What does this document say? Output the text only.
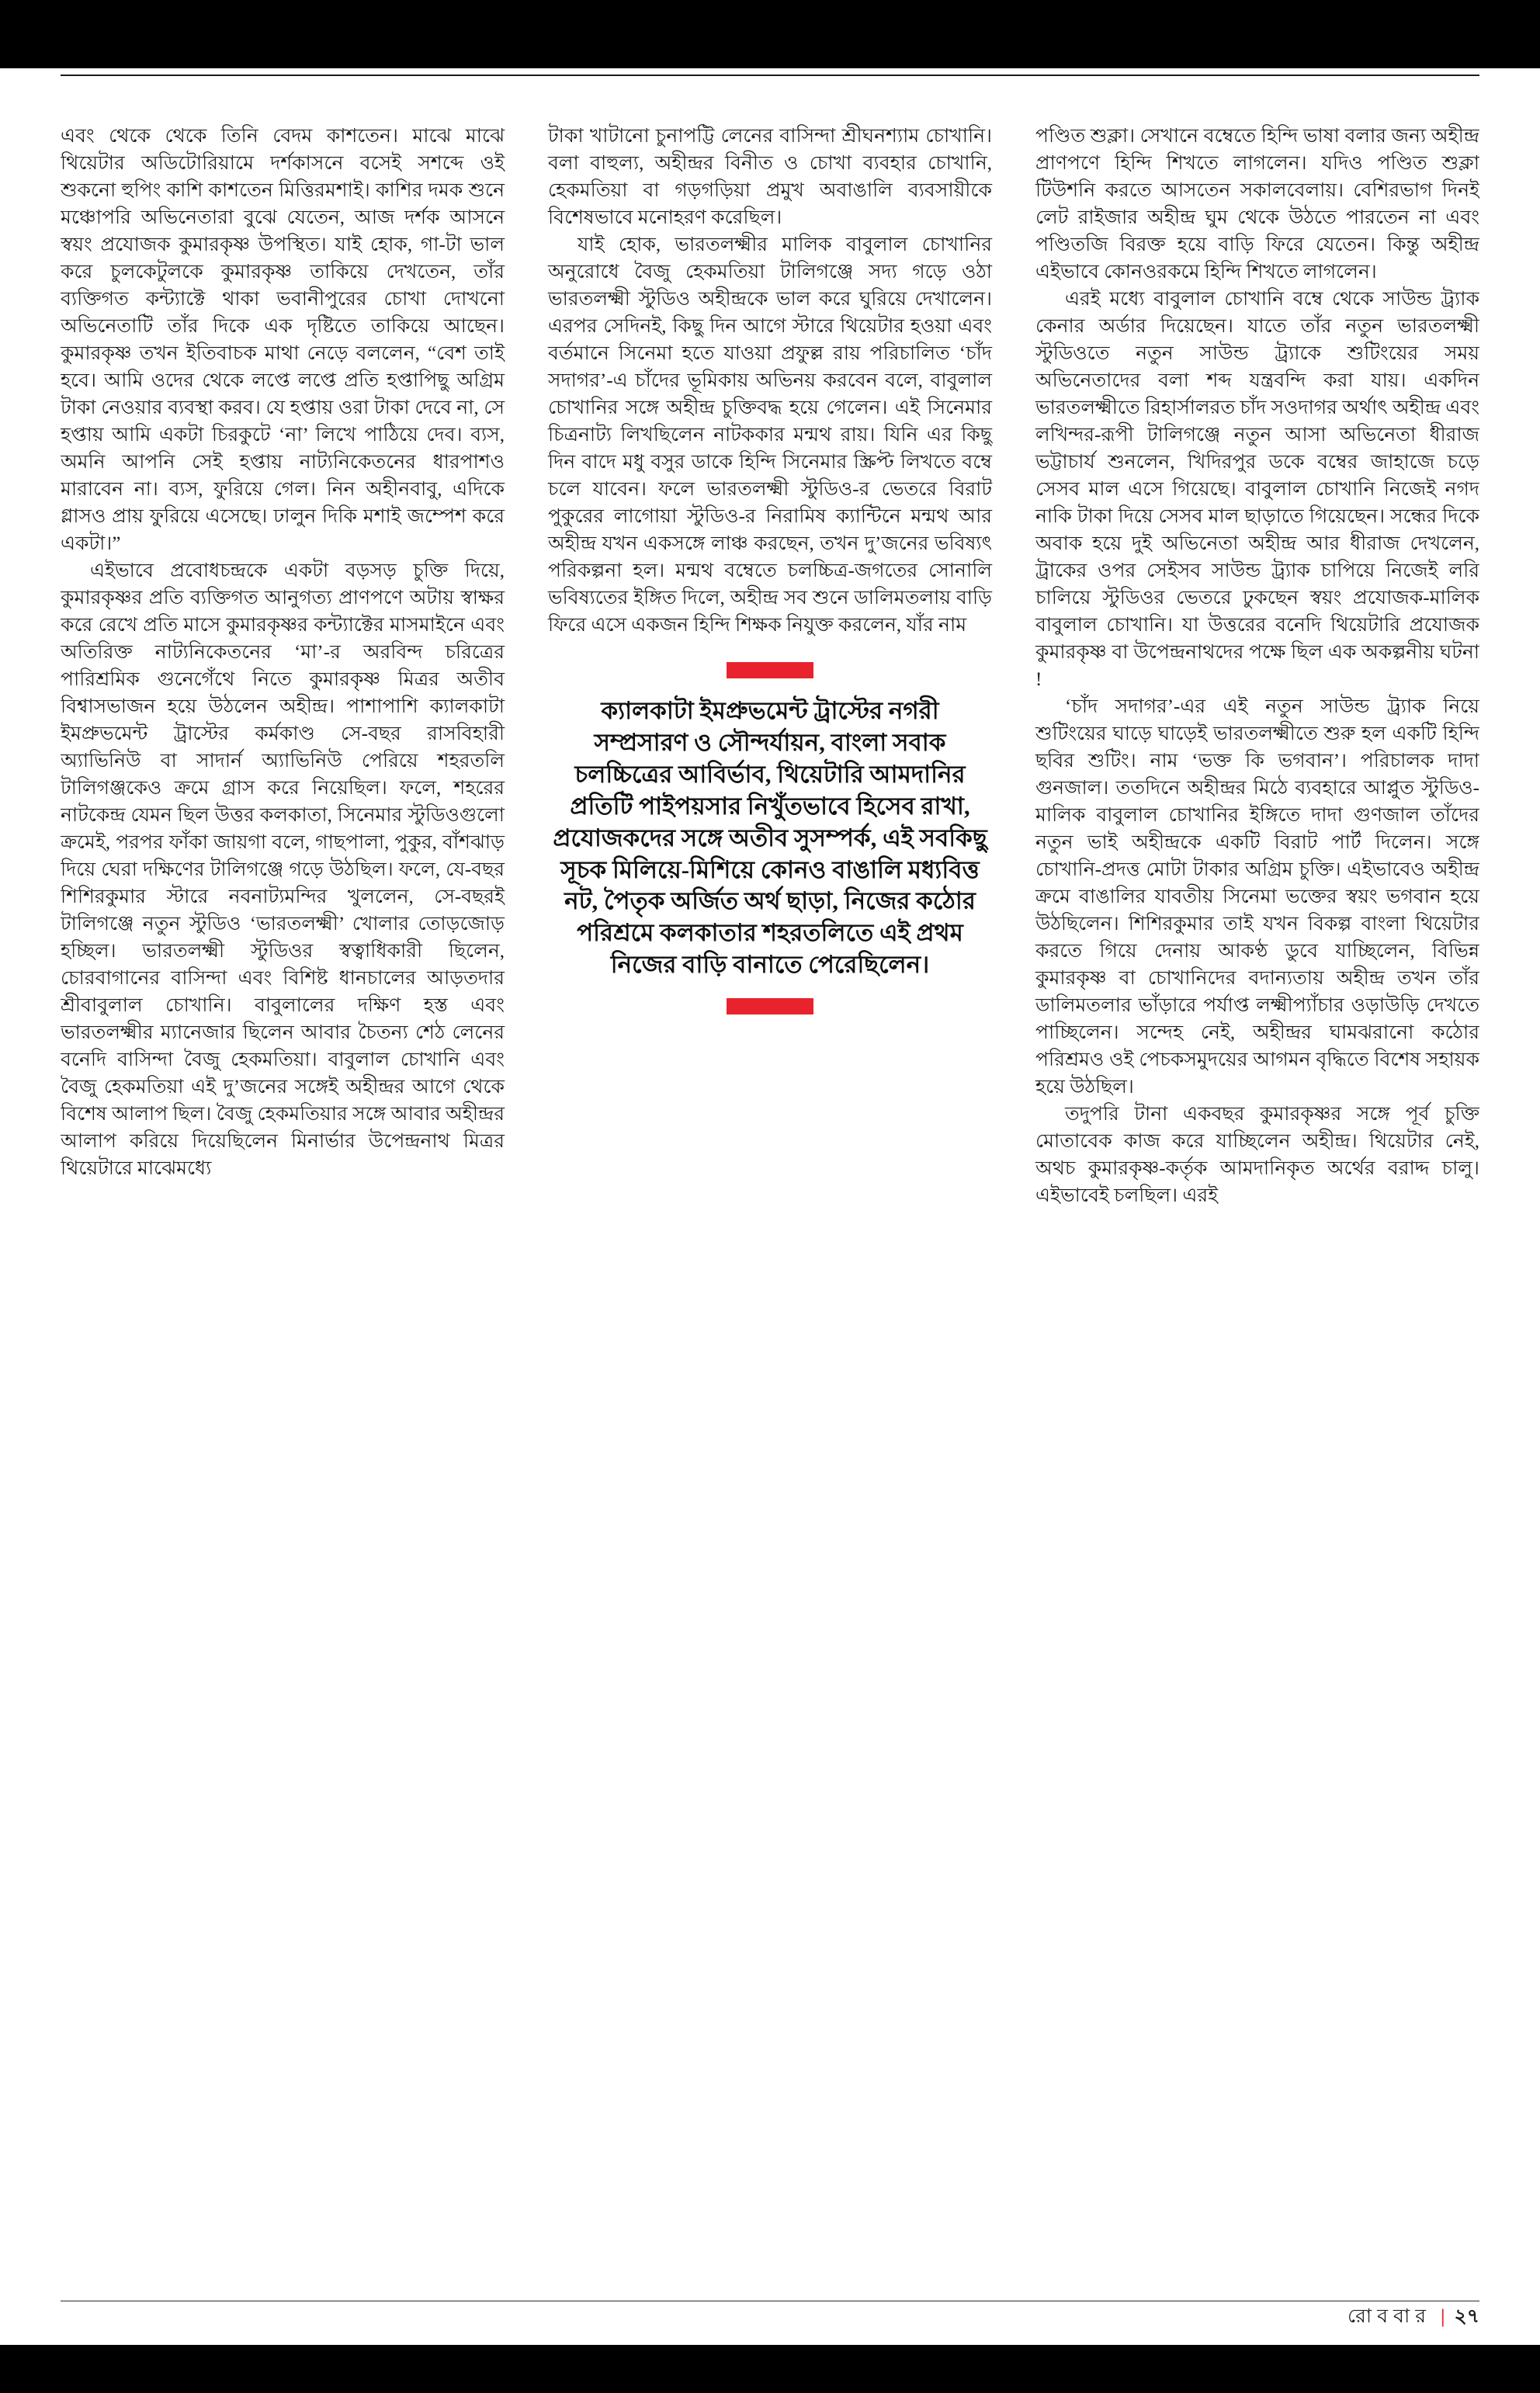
এবং থেকে থেকে তিনি বেদম কাশতেন। মাঝে মাঝে থিয়েটার অডিটোরিয়ামে দর্শকাসনে বসেই সশব্দে ওই শুকনো হুপিং কাশি কাশতেন মিত্তিরমশাই। কাশির দমক শুনে মঞ্চোপরি অভিনেতারা বুঝে যেতেন, আজ দর্শক আসনে স্বয়ং প্রযোজক কুমারকৃষ্ণ উপস্থিত। যাই হোক, গা-টা ভাল করে চুলকেটুলকে কুমারকৃষ্ণ তাকিয়ে দেখতেন, তাঁর ব্যক্তিগত কন্ট্যাক্টে থাকা ভবানীপুরের চোখা দোখনো অভিনেতাটি তাঁর দিকে এক দৃষ্টিতে তাকিয়ে আছেন। কুমারকৃষ্ণ তখন ইতিবাচক মাথা নেড়ে বললেন, “বেশ তাই হবে। আমি ওদের থেকে লপ্তে লপ্তে প্রতি হপ্তাপিছু অগ্রিম টাকা নেওয়ার ব্যবস্থা করব। যে হপ্তায় ওরা টাকা দেবে না, সে হপ্তায় আমি একটা চিরকুটে ‘না’ লিখে পাঠিয়ে দেব। ব্যস, অমনি আপনি সেই হপ্তায় নাট্যনিকেতনের ধারপাশও মারাবেন না। ব্যস, ফুরিয়ে গেল। নিন অহীনবাবু, এদিকে গ্লাসও প্রায় ফুরিয়ে এসেছে। ঢালুন দিকি মশাই জম্পেশ করে একটা।”

এইভাবে প্রবোধচন্দ্রকে একটা বড়সড় চুক্তি দিয়ে, কুমারকৃষ্ণর প্রতি ব্যক্তিগত আনুগত্য প্রাণপণে অটায় স্বাক্ষর করে রেখে প্রতি মাসে কুমারকৃষ্ণর কন্ট্যাক্টের মাসমাইনে এবং অতিরিক্ত নাট্যনিকেতনের ‘মা’-র অরবিন্দ চরিত্রের পারিশ্রমিক গুনেগেঁথে নিতে কুমারকৃষ্ণ মিত্রর অতীব বিশ্বাসভাজন হয়ে উঠলেন অহীন্দ্র। পাশাপাশি ক্যালকাটা ইমপ্রুভমেন্ট ট্রাস্টের কর্মকাণ্ড সে-বছর রাসবিহারী অ্যাভিনিউ বা সাদার্ন অ্যাভিনিউ পেরিয়ে শহরতলি টালিগঞ্জকেও ক্রমে গ্রাস করে নিয়েছিল। ফলে, শহরের নাটকেন্দ্র যেমন ছিল উত্তর কলকাতা, সিনেমার স্টুডিওগুলো ক্রমেই, পরপর ফাঁকা জায়গা বলে, গাছপালা, পুকুর, বাঁশঝাড় দিয়ে ঘেরা দক্ষিণের টালিগঞ্জে গড়ে উঠছিল। ফলে, যে-বছর শিশিরকুমার স্টারে নবনাট্যমন্দির খুললেন, সে-বছরই টালিগঞ্জে নতুন স্টুডিও ‘ভারতলক্ষ্মী’ খোলার তোড়জোড় হচ্ছিল। ভারতলক্ষ্মী স্টুডিওর স্বত্বাধিকারী ছিলেন, চোরবাগানের বাসিন্দা এবং বিশিষ্ট ধানচালের আড়তদার শ্রীবাবুলাল চোখানি। বাবুলালের দক্ষিণ হস্ত এবং ভারতলক্ষ্মীর ম্যানেজার ছিলেন আবার চৈতন্য শেঠ লেনের বনেদি বাসিন্দা বৈজু হেকমতিয়া। বাবুলাল চোখানি এবং বৈজু হেকমতিয়া এই দু’জনের সঙ্গেই অহীন্দ্রর আগে থেকে বিশেষ আলাপ ছিল। বৈজু হেকমতিয়ার সঙ্গে আবার অহীন্দ্রর আলাপ করিয়ে দিয়েছিলেন মিনার্ভার উপেন্দ্রনাথ মিত্রর থিয়েটারে মাঝেমধ্যে

টাকা খাটানো চুনাপট্টি লেনের বাসিন্দা শ্রীঘনশ্যাম চোখানি। বলা বাহুল্য, অহীন্দ্রর বিনীত ও চোখা ব্যবহার চোখানি, হেকমতিয়া বা গড়গড়িয়া প্রমুখ অবাঙালি ব্যবসায়ীকে বিশেষভাবে মনোহরণ করেছিল।

যাই হোক, ভারতলক্ষ্মীর মালিক বাবুলাল চোখানির অনুরোধে বৈজু হেকমতিয়া টালিগঞ্জে সদ্য গড়ে ওঠা ভারতলক্ষ্মী স্টুডিও অহীন্দ্রকে ভাল করে ঘুরিয়ে দেখালেন। এরপর সেদিনই, কিছু দিন আগে স্টারে থিয়েটার হওয়া এবং বর্তমানে সিনেমা হতে যাওয়া প্রফুল্ল রায় পরিচালিত ‘চাঁদ সদাগর’-এ চাঁদের ভূমিকায় অভিনয় করবেন বলে, বাবুলাল চোখানির সঙ্গে অহীন্দ্র চুক্তিবদ্ধ হয়ে গেলেন। এই সিনেমার চিত্রনাট্য লিখছিলেন নাটককার মন্মথ রায়। যিনি এর কিছু দিন বাদে মধু বসুর ডাকে হিন্দি সিনেমার স্ক্রিপ্ট লিখতে বম্বে চলে যাবেন। ফলে ভারতলক্ষ্মী স্টুডিও-র ভেতরে বিরাট পুকুরের লাগোয়া স্টুডিও-র নিরামিষ ক্যান্টিনে মন্মথ আর অহীন্দ্র যখন একসঙ্গে লাঞ্চ করছেন, তখন দু’জনের ভবিষ্যৎ পরিকল্পনা হল। মন্মথ বম্বেতে চলচ্চিত্র-জগতের সোনালি ভবিষ্যতের ইঙ্গিত দিলে, অহীন্দ্র সব শুনে ডালিমতলায় বাড়ি ফিরে এসে একজন হিন্দি শিক্ষক নিযুক্ত করলেন, যাঁর নাম

ক্যালকাটা ইমপ্রুভমেন্ট ট্রাস্টের নগরী সম্প্রসারণ ও সৌন্দর্যায়ন, বাংলা সবাক চলচ্চিত্রের আবির্ভাব, থিয়েটারি আমদানির প্রতিটি পাইপয়সার নিখুঁতভাবে হিসেব রাখা, প্রযোজকদের সঙ্গে অতীব সুসম্পর্ক, এই সবকিছু সূচক মিলিয়ে-মিশিয়ে কোনও বাঙালি মধ্যবিত্ত নট, পৈতৃক অর্জিত অর্থ ছাড়া, নিজের কঠোর পরিশ্রমে কলকাতার শহরতলিতে এই প্রথম নিজের বাড়ি বানাতে পেরেছিলেন।

পণ্ডিত শুক্লা। সেখানে বম্বেতে হিন্দি ভাষা বলার জন্য অহীন্দ্র প্রাণপণে হিন্দি শিখতে লাগলেন। যদিও পণ্ডিত শুক্লা টিউশনি করতে আসতেন সকালবেলায়। বেশিরভাগ দিনই লেট রাইজার অহীন্দ্র ঘুম থেকে উঠতে পারতেন না এবং পণ্ডিতজি বিরক্ত হয়ে বাড়ি ফিরে যেতেন। কিন্তু অহীন্দ্র এইভাবে কোনওরকমে হিন্দি শিখতে লাগলেন।

এরই মধ্যে বাবুলাল চোখানি বম্বে থেকে সাউন্ড ট্র্যাক কেনার অর্ডার দিয়েছেন। যাতে তাঁর নতুন ভারতলক্ষ্মী স্টুডিওতে নতুন সাউন্ড ট্র্যাকে শুটিংয়ের সময় অভিনেতাদের বলা শব্দ যন্ত্রবন্দি করা যায়। একদিন ভারতলক্ষ্মীতে রিহার্সালরত চাঁদ সওদাগর অর্থাৎ অহীন্দ্র এবং লখিন্দর-রূপী টালিগঞ্জে নতুন আসা অভিনেতা ধীরাজ ভট্টাচার্য শুনলেন, খিদিরপুর ডকে বম্বের জাহাজে চড়ে সেসব মাল এসে গিয়েছে। বাবুলাল চোখানি নিজেই নগদ নাকি টাকা দিয়ে সেসব মাল ছাড়াতে গিয়েছেন। সন্ধের দিকে অবাক হয়ে দুই অভিনেতা অহীন্দ্র আর ধীরাজ দেখলেন, ট্রাকের ওপর সেইসব সাউন্ড ট্র্যাক চাপিয়ে নিজেই লরি চালিয়ে স্টুডিওর ভেতরে ঢুকছেন স্বয়ং প্রযোজক-মালিক বাবুলাল চোখানি। যা উত্তরের বনেদি থিয়েটারি প্রযোজক কুমারকৃষ্ণ বা উপেন্দ্রনাথদের পক্ষে ছিল এক অকল্পনীয় ঘটনা !

‘চাঁদ সদাগর’-এর এই নতুন সাউন্ড ট্র্যাক নিয়ে শুটিংয়ের ঘাড়ে ঘাড়েই ভারতলক্ষ্মীতে শুরু হল একটি হিন্দি ছবির শুটিং। নাম ‘ভক্ত কি ভগবান’। পরিচালক দাদা গুনজাল। ততদিনে অহীন্দ্রর মিঠে ব্যবহারে আপ্লুত স্টুডিও-মালিক বাবুলাল চোখানির ইঙ্গিতে দাদা গুণজাল তাঁদের নতুন ভাই অহীন্দ্রকে একটি বিরাট পার্ট দিলেন। সঙ্গে চোখানি-প্রদত্ত মোটা টাকার অগ্রিম চুক্তি। এইভাবেও অহীন্দ্র ক্রমে বাঙালির যাবতীয় সিনেমা ভক্তের স্বয়ং ভগবান হয়ে উঠছিলেন। শিশিরকুমার তাই যখন বিকল্প বাংলা থিয়েটার করতে গিয়ে দেনায় আকণ্ঠ ডুবে যাচ্ছিলেন, বিভিন্ন কুমারকৃষ্ণ বা চোখানিদের বদান্যতায় অহীন্দ্র তখন তাঁর ডালিমতলার ভাঁড়ারে পর্যাপ্ত লক্ষ্মীপ্যাঁচার ওড়াউড়ি দেখতে পাচ্ছিলেন। সন্দেহ নেই, অহীন্দ্রর ঘামঝরানো কঠোর পরিশ্রমও ওই পেচকসমুদয়ের আগমন বৃদ্ধিতে বিশেষ সহায়ক হয়ে উঠছিল।

তদুপরি টানা একবছর কুমারকৃষ্ণর সঙ্গে পূর্ব চুক্তি মোতাবেক কাজ করে যাচ্ছিলেন অহীন্দ্র। থিয়েটার নেই, অথচ কুমারকৃষ্ণ-কর্তৃক আমদানিকৃত অর্থের বরাদ্দ চালু। এইভাবেই চলছিল। এরই

রোববার | ২৭
